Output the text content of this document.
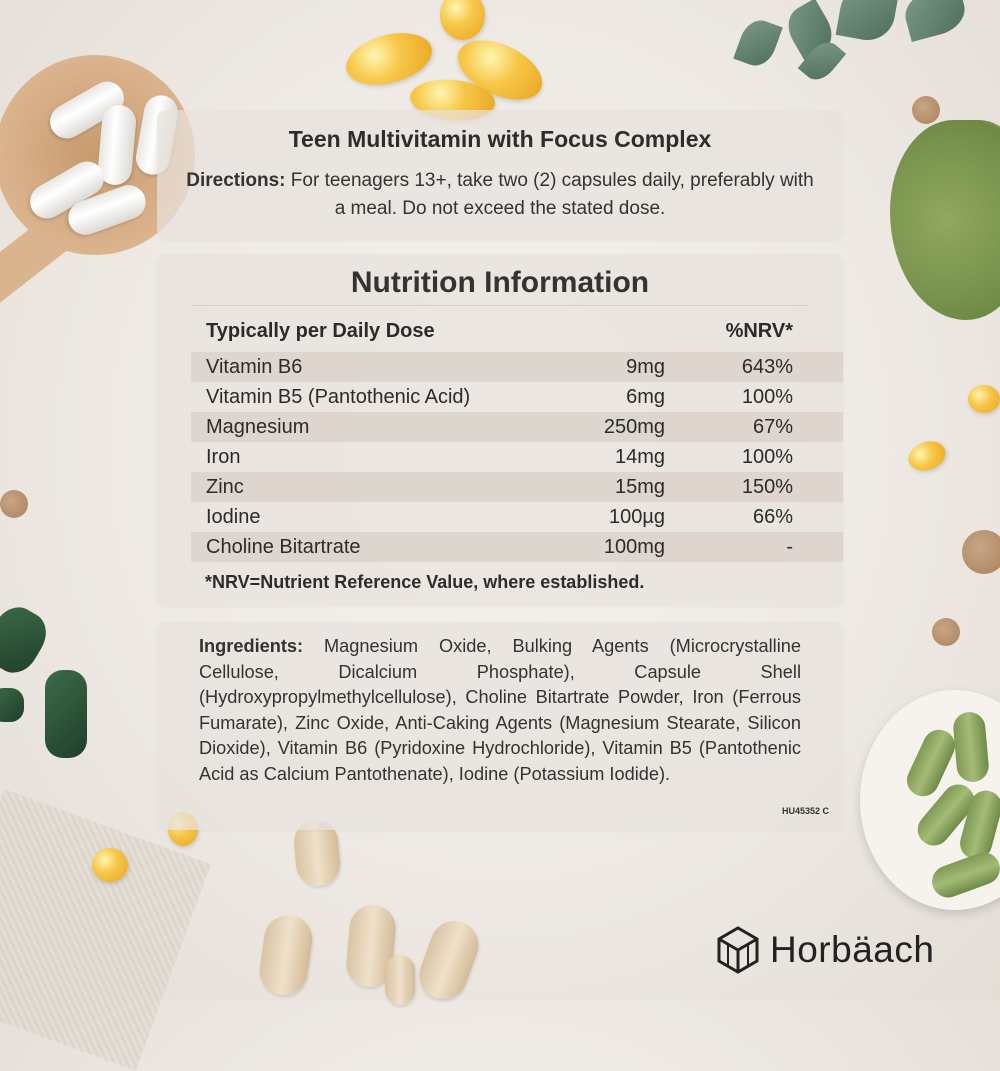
Teen Multivitamin with Focus Complex
Directions: For teenagers 13+, take two (2) capsules daily, preferably with a meal. Do not exceed the stated dose.
Nutrition Information
Typically per Daily Dose	%NRV*
Vitamin B6	9mg	643%
Vitamin B5 (Pantothenic Acid)	6mg	100%
Magnesium	250mg	67%
Iron	14mg	100%
Zinc	15mg	150%
Iodine	100µg	66%
Choline Bitartrate	100mg	-
*NRV=Nutrient Reference Value, where established.
Ingredients: Magnesium Oxide, Bulking Agents (Microcrystalline Cellulose, Dicalcium Phosphate), Capsule Shell (Hydroxypropylmethylcellulose), Choline Bitartrate Powder, Iron (Ferrous Fumarate), Zinc Oxide, Anti-Caking Agents (Magnesium Stearate, Silicon Dioxide), Vitamin B6 (Pyridoxine Hydrochloride), Vitamin B5 (Pantothenic Acid as Calcium Pantothenate), Iodine (Potassium Iodide).
HU45352 C
Horbäach
